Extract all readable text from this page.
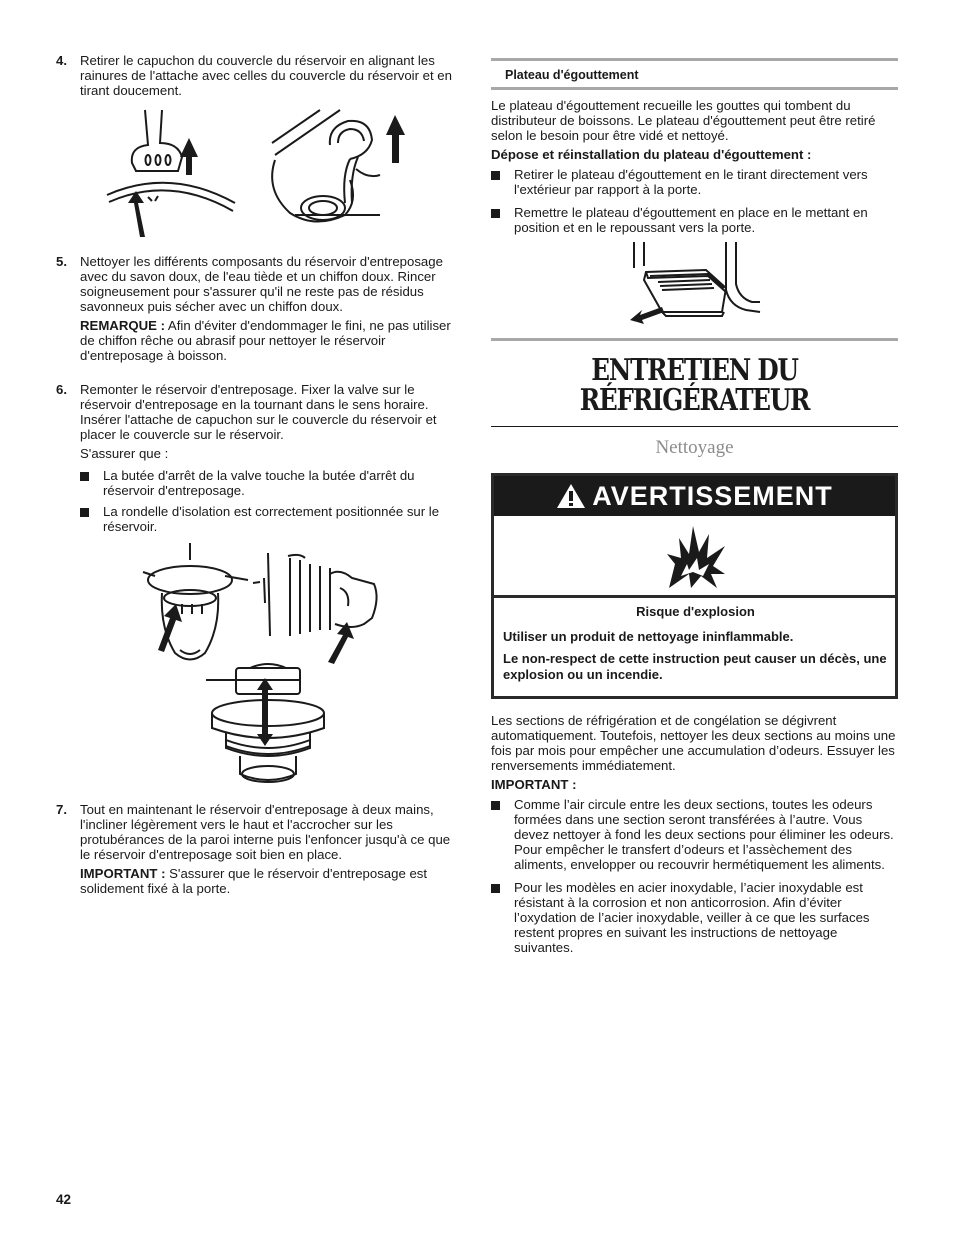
4. Retirer le capuchon du couvercle du réservoir en alignant les rainures de l'attache avec celles du couvercle du réservoir et en tirant doucement.
5. Nettoyer les différents composants du réservoir d'entreposage avec du savon doux, de l'eau tiède et un chiffon doux. Rincer soigneusement pour s'assurer qu'il ne reste pas de résidus savonneux puis sécher avec un chiffon doux.
REMARQUE : Afin d'éviter d'endommager le fini, ne pas utiliser de chiffon rêche ou abrasif pour nettoyer le réservoir d'entreposage à boisson.
6. Remonter le réservoir d'entreposage. Fixer la valve sur le réservoir d'entreposage en la tournant dans le sens horaire. Insérer l'attache de capuchon sur le couvercle du réservoir et placer le couvercle sur le réservoir.
S'assurer que :
La butée d'arrêt de la valve touche la butée d'arrêt du réservoir d'entreposage.
La rondelle d'isolation est correctement positionnée sur le réservoir.
7. Tout en maintenant le réservoir d'entreposage à deux mains, l'incliner légèrement vers le haut et l'accrocher sur les protubérances de la paroi interne puis l'enfoncer jusqu'à ce que le réservoir d'entreposage soit bien en place.
IMPORTANT : S'assurer que le réservoir d'entreposage est solidement fixé à la porte.
Plateau d'égouttement
Le plateau d'égouttement recueille les gouttes qui tombent du distributeur de boissons. Le plateau d'égouttement peut être retiré selon le besoin pour être vidé et nettoyé.
Dépose et réinstallation du plateau d'égouttement :
Retirer le plateau d'égouttement en le tirant directement vers l'extérieur par rapport à la porte.
Remettre le plateau d'égouttement en place en le mettant en position et en le repoussant vers la porte.
ENTRETIEN DU
RÉFRIGÉRATEUR
Nettoyage
AVERTISSEMENT
Risque d'explosion
Utiliser un produit de nettoyage ininflammable.
Le non-respect de cette instruction peut causer un décès, une explosion ou un incendie.
Les sections de réfrigération et de congélation se dégivrent automatiquement. Toutefois, nettoyer les deux sections au moins une fois par mois pour empêcher une accumulation d’odeurs. Essuyer les renversements immédiatement.
IMPORTANT :
Comme l’air circule entre les deux sections, toutes les odeurs formées dans une section seront transférées à l’autre. Vous devez nettoyer à fond les deux sections pour éliminer les odeurs. Pour empêcher le transfert d’odeurs et l’assèchement des aliments, envelopper ou recouvrir hermétiquement les aliments.
Pour les modèles en acier inoxydable, l’acier inoxydable est résistant à la corrosion et non anticorrosion. Afin d’éviter l’oxydation de l’acier inoxydable, veiller à ce que les surfaces restent propres en suivant les instructions de nettoyage suivantes.
42
